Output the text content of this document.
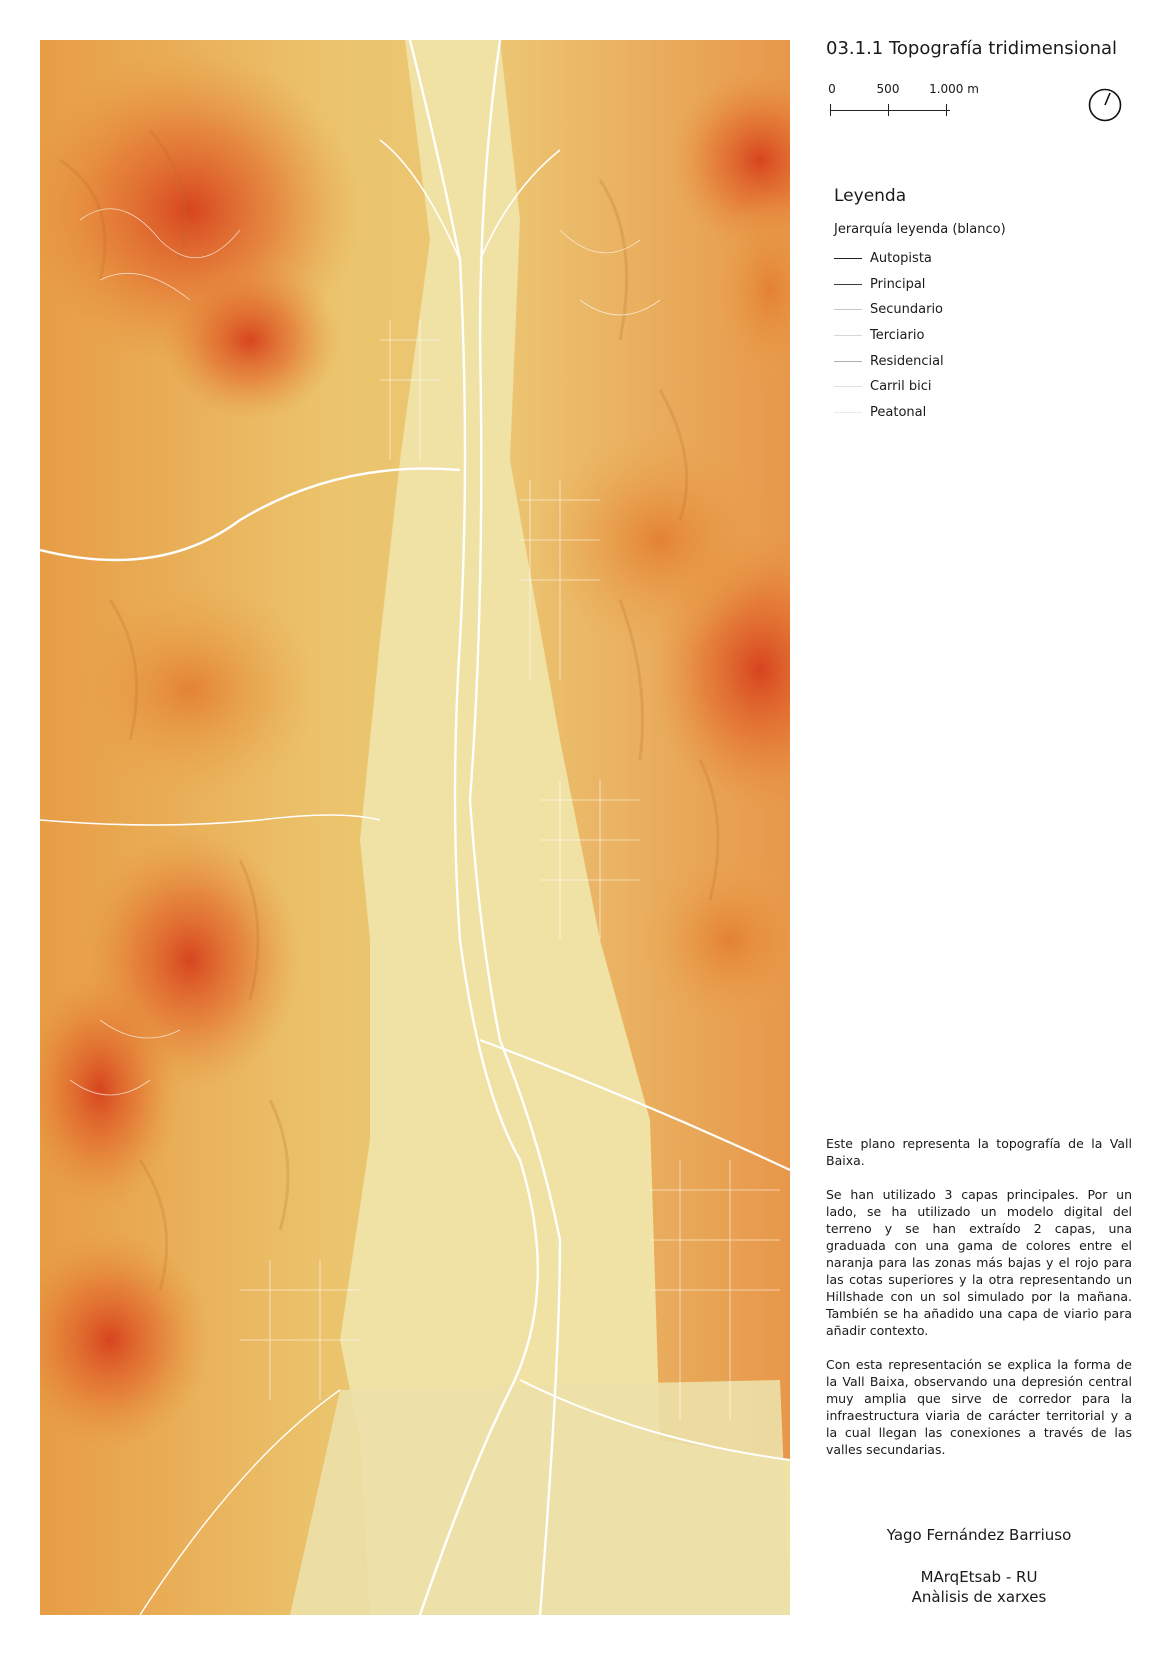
03.1.1 Topografía tridimensional
0	500 1.000 m
Leyenda
Jerarquía leyenda (blanco)
Autopista
Principal
Secundario
Terciario
Residencial
Carril bici
Peatonal

Este plano representa la topografía de la Vall Baixa.

Se han utilizado 3 capas principales. Por un lado, se ha utilizado un modelo digital del terreno y se han extraído 2 capas, una graduada con una gama de colores entre el naranja para las zonas más bajas y el rojo para las cotas superiores y la otra representando un Hillshade con un sol simulado por la mañana. También se ha añadido una capa de viario para añadir contexto.

Con esta representación se explica la forma de la Vall Baixa, observando una depresión central muy amplia que sirve de corredor para la infraestructura viaria de carácter territorial y a la cual llegan las conexiones a través de las valles secundarias.

Yago Fernández Barriuso
MArqEtsab - RU
Anàlisis de xarxes
